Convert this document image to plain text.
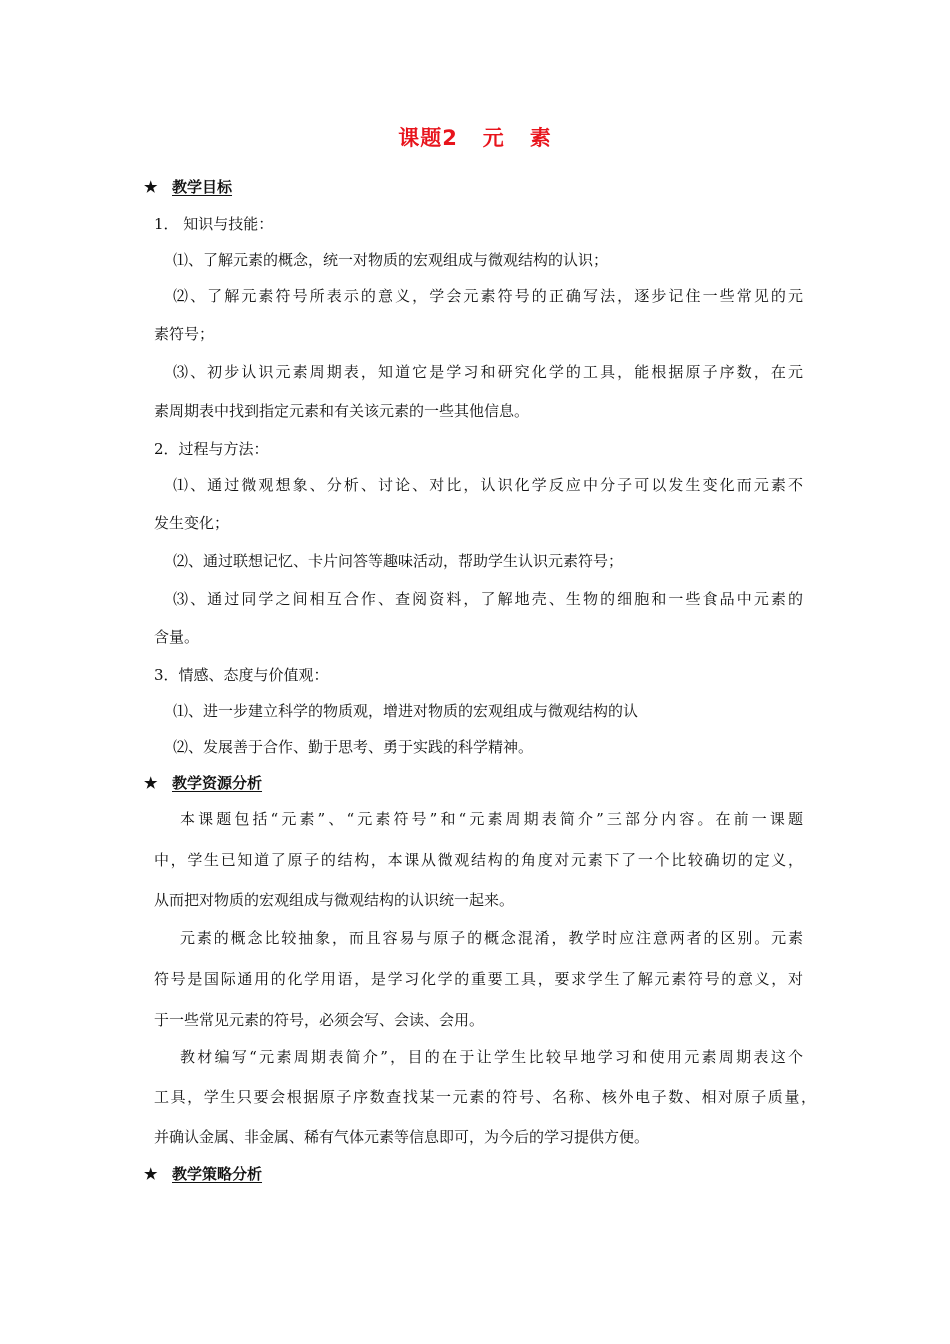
课题2   元   素
★ 教学目标
1． 知识与技能：
⑴、了解元素的概念，统一对物质的宏观组成与微观结构的认识；
⑵、了解元素符号所表示的意义，学会元素符号的正确写法，逐步记住一些常见的元
素符号；
⑶、初步认识元素周期表，知道它是学习和研究化学的工具，能根据原子序数，在元
素周期表中找到指定元素和有关该元素的一些其他信息。
2．过程与方法：
⑴、通过微观想象、分析、讨论、对比，认识化学反应中分子可以发生变化而元素不
发生变化；
⑵、通过联想记忆、卡片问答等趣味活动，帮助学生认识元素符号；
⑶、通过同学之间相互合作、查阅资料，了解地壳、生物的细胞和一些食品中元素的
含量。
3．情感、态度与价值观：
⑴、进一步建立科学的物质观，增进对物质的宏观组成与微观结构的认
⑵、发展善于合作、勤于思考、勇于实践的科学精神。
★ 教学资源分析
本课题包括“元素”、“元素符号”和“元素周期表简介”三部分内容。在前一课题
中，学生已知道了原子的结构，本课从微观结构的角度对元素下了一个比较确切的定义，
从而把对物质的宏观组成与微观结构的认识统一起来。
元素的概念比较抽象，而且容易与原子的概念混淆，教学时应注意两者的区别。元素
符号是国际通用的化学用语，是学习化学的重要工具，要求学生了解元素符号的意义，对
于一些常见元素的符号，必须会写、会读、会用。
教材编写“元素周期表简介”，目的在于让学生比较早地学习和使用元素周期表这个
工具，学生只要会根据原子序数查找某一元素的符号、名称、核外电子数、相对原子质量，
并确认金属、非金属、稀有气体元素等信息即可，为今后的学习提供方便。
★ 教学策略分析
